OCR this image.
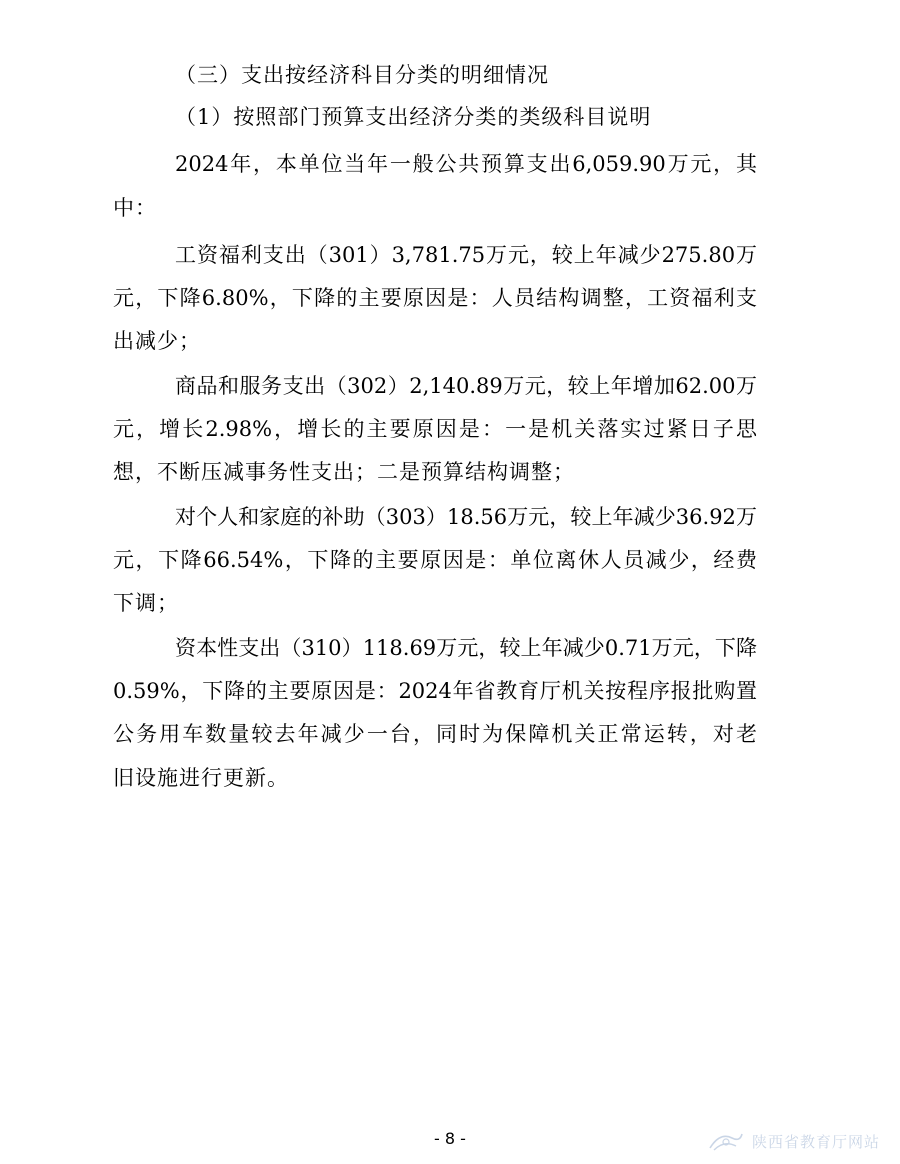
（三）支出按经济科目分类的明细情况

（1）按照部门预算支出经济分类的类级科目说明

2024年，本单位当年一般公共预算支出6,059.90万元，其

中：

工资福利支出（301）3,781.75万元，较上年减少275.80万

元，下降6.80%，下降的主要原因是：人员结构调整，工资福利支

出减少；

商品和服务支出（302）2,140.89万元，较上年增加62.00万

元，增长2.98%，增长的主要原因是：一是机关落实过紧日子思

想，不断压减事务性支出；二是预算结构调整；

对个人和家庭的补助（303）18.56万元，较上年减少36.92万

元，下降66.54%，下降的主要原因是：单位离休人员减少，经费

下调；

资本性支出（310）118.69万元，较上年减少0.71万元，下降

0.59%，下降的主要原因是：2024年省教育厅机关按程序报批购置

公务用车数量较去年减少一台，同时为保障机关正常运转，对老

旧设施进行更新。

- 8 -	陕西省教育厅网站
